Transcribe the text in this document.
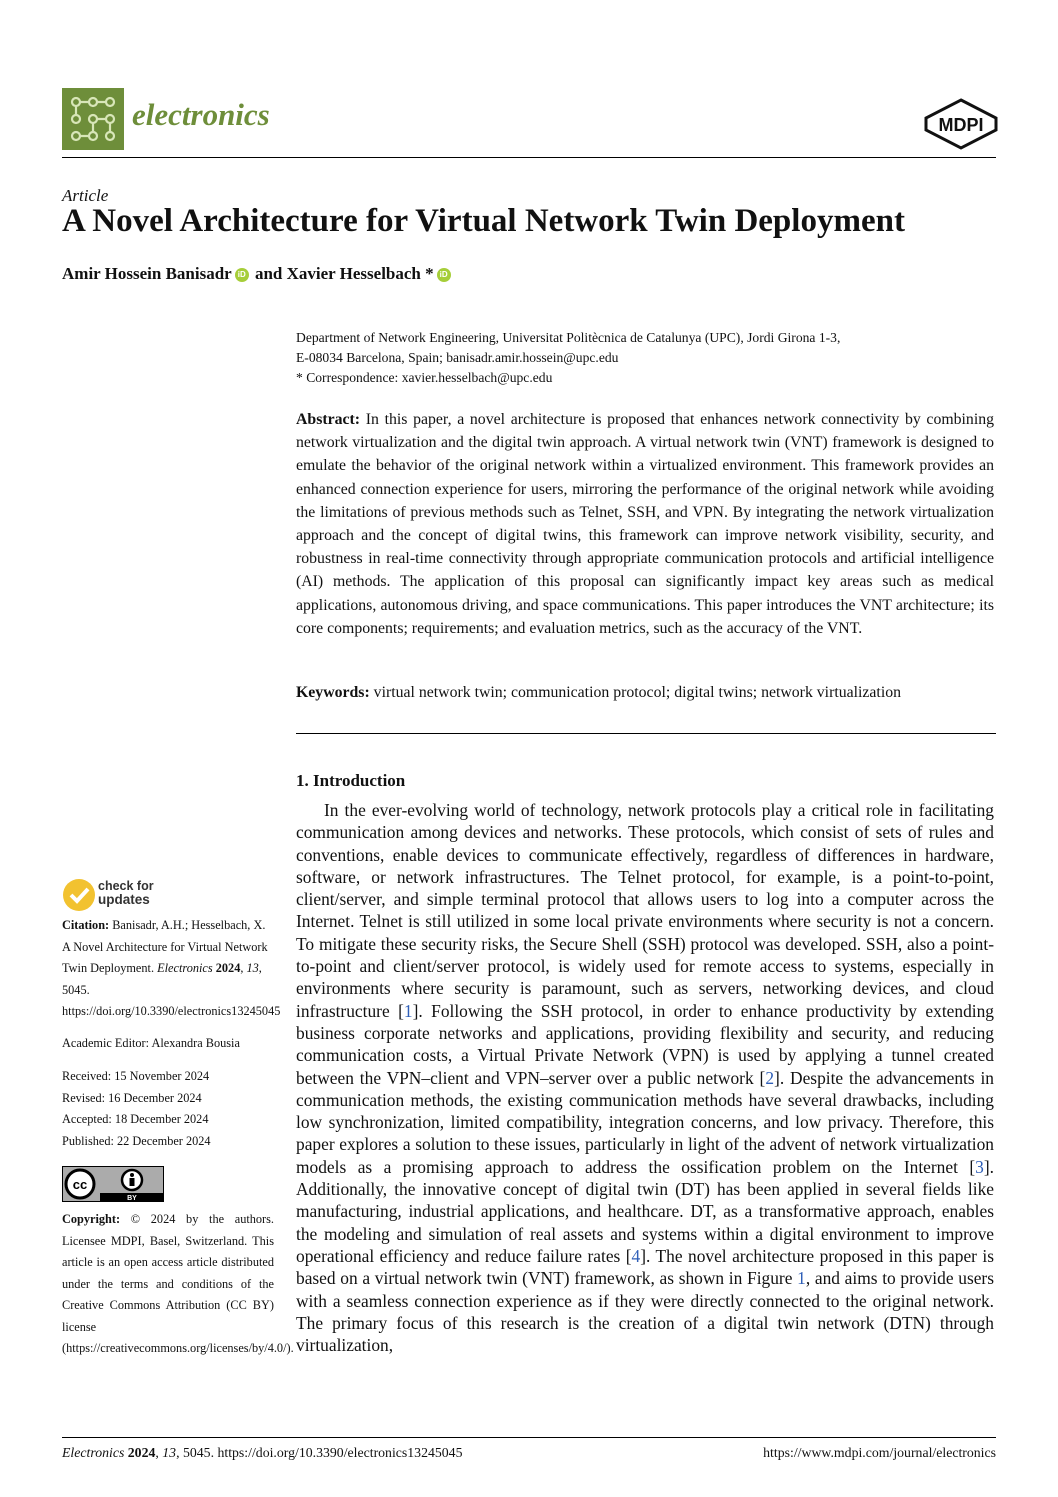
electronics	MDPI
Article
A Novel Architecture for Virtual Network Twin Deployment
Amir Hossein Banisadr iD and Xavier Hesselbach * iD
Department of Network Engineering, Universitat Politècnica de Catalunya (UPC), Jordi Girona 1-3,
E-08034 Barcelona, Spain; banisadr.amir.hossein@upc.edu
* Correspondence: xavier.hesselbach@upc.edu
Abstract: In this paper, a novel architecture is proposed that enhances network connectivity by combining network virtualization and the digital twin approach. A virtual network twin (VNT) framework is designed to emulate the behavior of the original network within a virtualized environment. This framework provides an enhanced connection experience for users, mirroring the performance of the original network while avoiding the limitations of previous methods such as Telnet, SSH, and VPN. By integrating the network virtualization approach and the concept of digital twins, this framework can improve network visibility, security, and robustness in real-time connectivity through appropriate communication protocols and artificial intelligence (AI) methods. The application of this proposal can significantly impact key areas such as medical applications, autonomous driving, and space communications. This paper introduces the VNT architecture; its core components; requirements; and evaluation metrics, such as the accuracy of the VNT.
Keywords: virtual network twin; communication protocol; digital twins; network virtualization
1. Introduction

In the ever-evolving world of technology, network protocols play a critical role in facilitating communication among devices and networks. These protocols, which consist of sets of rules and conventions, enable devices to communicate effectively, regardless of differences in hardware, software, or network infrastructures. The Telnet protocol, for example, is a point-to-point, client/server, and simple terminal protocol that allows users to log into a computer across the Internet. Telnet is still utilized in some local private environments where security is not a concern. To mitigate these security risks, the Secure Shell (SSH) protocol was developed. SSH, also a point-to-point and client/server protocol, is widely used for remote access to systems, especially in environments where security is paramount, such as servers, networking devices, and cloud infrastructure [1]. Following the SSH protocol, in order to enhance productivity by extending business corporate networks and applications, providing flexibility and security, and reducing communication costs, a Virtual Private Network (VPN) is used by applying a tunnel created between the VPN–client and VPN–server over a public network [2]. Despite the advancements in communication methods, the existing communication methods have several drawbacks, including low synchronization, limited compatibility, integration concerns, and low privacy. Therefore, this paper explores a solution to these issues, particularly in light of the advent of network virtualization models as a promising approach to address the ossification problem on the Internet [3]. Additionally, the innovative concept of digital twin (DT) has been applied in several fields like manufacturing, industrial applications, and healthcare. DT, as a transformative approach, enables the modeling and simulation of real assets and systems within a digital environment to improve operational efficiency and reduce failure rates [4]. The novel architecture proposed in this paper is based on a virtual network twin (VNT) framework, as shown in Figure 1, and aims to provide users with a seamless connection experience as if they were directly connected to the original network. The primary focus of this research is the creation of a digital twin network (DTN) through virtualization,

check for
updates
Citation: Banisadr, A.H.; Hesselbach, X. A Novel Architecture for Virtual Network Twin Deployment. Electronics 2024, 13, 5045. https://doi.org/10.3390/electronics13245045
Academic Editor: Alexandra Bousia
Received: 15 November 2024
Revised: 16 December 2024
Accepted: 18 December 2024
Published: 22 December 2024
cc
BY
Copyright: © 2024 by the authors. Licensee MDPI, Basel, Switzerland. This article is an open access article distributed under the terms and conditions of the Creative Commons Attribution (CC BY) license (https://creativecommons.org/licenses/by/4.0/).
Electronics 2024, 13, 5045. https://doi.org/10.3390/electronics13245045	https://www.mdpi.com/journal/electronics
